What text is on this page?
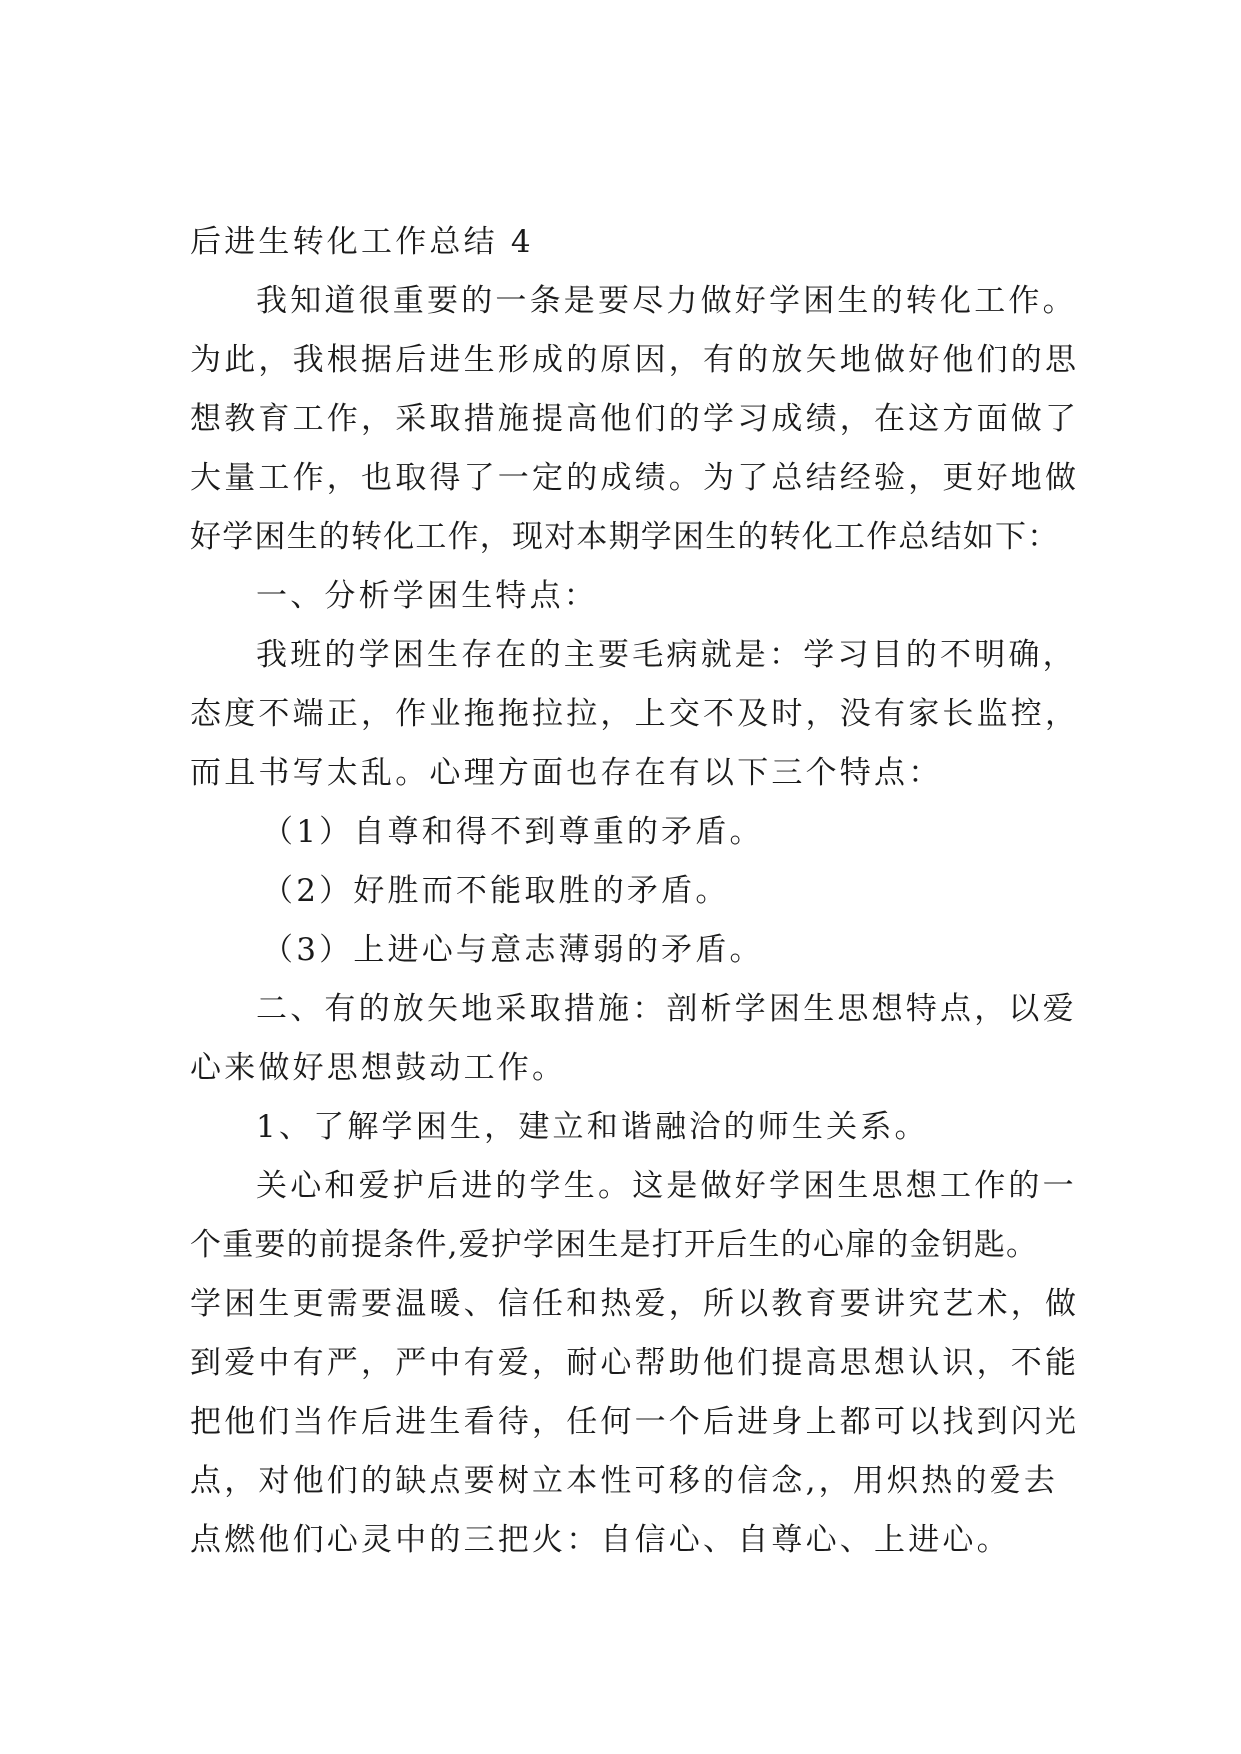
后进生转化工作总结 4
我知道很重要的一条是要尽力做好学困生的转化工作。
为此，我根据后进生形成的原因，有的放矢地做好他们的思
想教育工作，采取措施提高他们的学习成绩，在这方面做了
大量工作，也取得了一定的成绩。为了总结经验，更好地做
好学困生的转化工作，现对本期学困生的转化工作总结如下：
一、分析学困生特点：
我班的学困生存在的主要毛病就是：学习目的不明确，
态度不端正，作业拖拖拉拉，上交不及时，没有家长监控，
而且书写太乱。心理方面也存在有以下三个特点：
（1）自尊和得不到尊重的矛盾。
（2）好胜而不能取胜的矛盾。
（3）上进心与意志薄弱的矛盾。
二、有的放矢地采取措施：剖析学困生思想特点，以爱
心来做好思想鼓动工作。
1、了解学困生，建立和谐融洽的师生关系。
关心和爱护后进的学生。这是做好学困生思想工作的一
个重要的前提条件,爱护学困生是打开后生的心扉的金钥匙。
学困生更需要温暖、信任和热爱，所以教育要讲究艺术，做
到爱中有严，严中有爱，耐心帮助他们提高思想认识，不能
把他们当作后进生看待，任何一个后进身上都可以找到闪光
点，对他们的缺点要树立本性可移的信念,，用炽热的爱去
点燃他们心灵中的三把火：自信心、自尊心、上进心。
